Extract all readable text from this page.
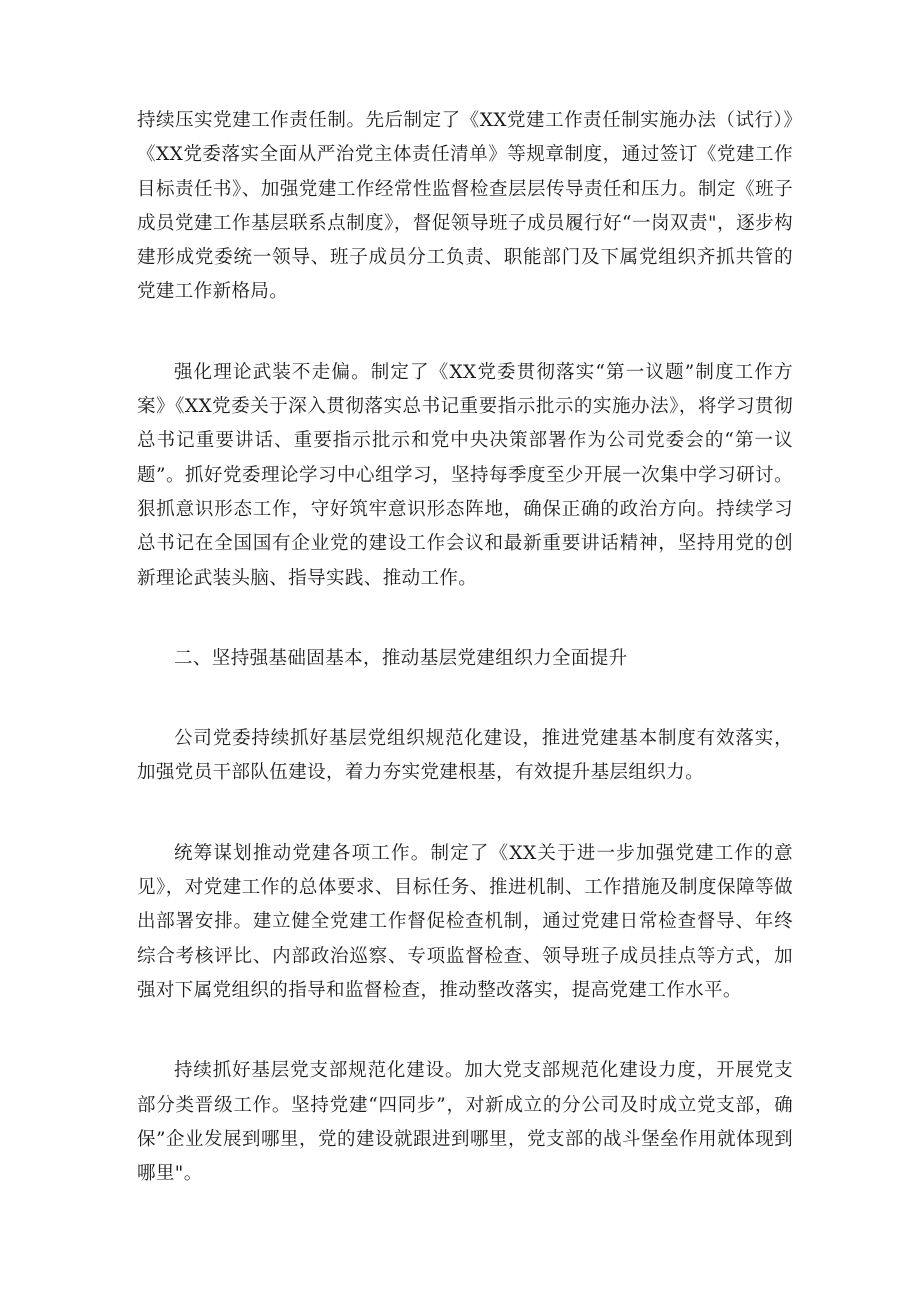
持续压实党建工作责任制。先后制定了《XX党建工作责任制实施办法（试行）》《XX党委落实全面从严治党主体责任清单》等规章制度，通过签订《党建工作目标责任书》、加强党建工作经常性监督检查层层传导责任和压力。制定《班子成员党建工作基层联系点制度》，督促领导班子成员履行好“一岗双责"，逐步构建形成党委统一领导、班子成员分工负责、职能部门及下属党组织齐抓共管的党建工作新格局。

强化理论武装不走偏。制定了《XX党委贯彻落实“第一议题”制度工作方案》《XX党委关于深入贯彻落实总书记重要指示批示的实施办法》，将学习贯彻总书记重要讲话、重要指示批示和党中央决策部署作为公司党委会的“第一议题”。抓好党委理论学习中心组学习，坚持每季度至少开展一次集中学习研讨。狠抓意识形态工作，守好筑牢意识形态阵地，确保正确的政治方向。持续学习总书记在全国国有企业党的建设工作会议和最新重要讲话精神，坚持用党的创新理论武装头脑、指导实践、推动工作。

二、坚持强基础固基本，推动基层党建组织力全面提升

公司党委持续抓好基层党组织规范化建设，推进党建基本制度有效落实，加强党员干部队伍建设，着力夯实党建根基，有效提升基层组织力。

统筹谋划推动党建各项工作。制定了《XX关于进一步加强党建工作的意见》，对党建工作的总体要求、目标任务、推进机制、工作措施及制度保障等做出部署安排。建立健全党建工作督促检查机制，通过党建日常检查督导、年终综合考核评比、内部政治巡察、专项监督检查、领导班子成员挂点等方式，加强对下属党组织的指导和监督检查，推动整改落实，提高党建工作水平。

持续抓好基层党支部规范化建设。加大党支部规范化建设力度，开展党支部分类晋级工作。坚持党建“四同步”，对新成立的分公司及时成立党支部，确保”企业发展到哪里，党的建设就跟进到哪里，党支部的战斗堡垒作用就体现到哪里"。
